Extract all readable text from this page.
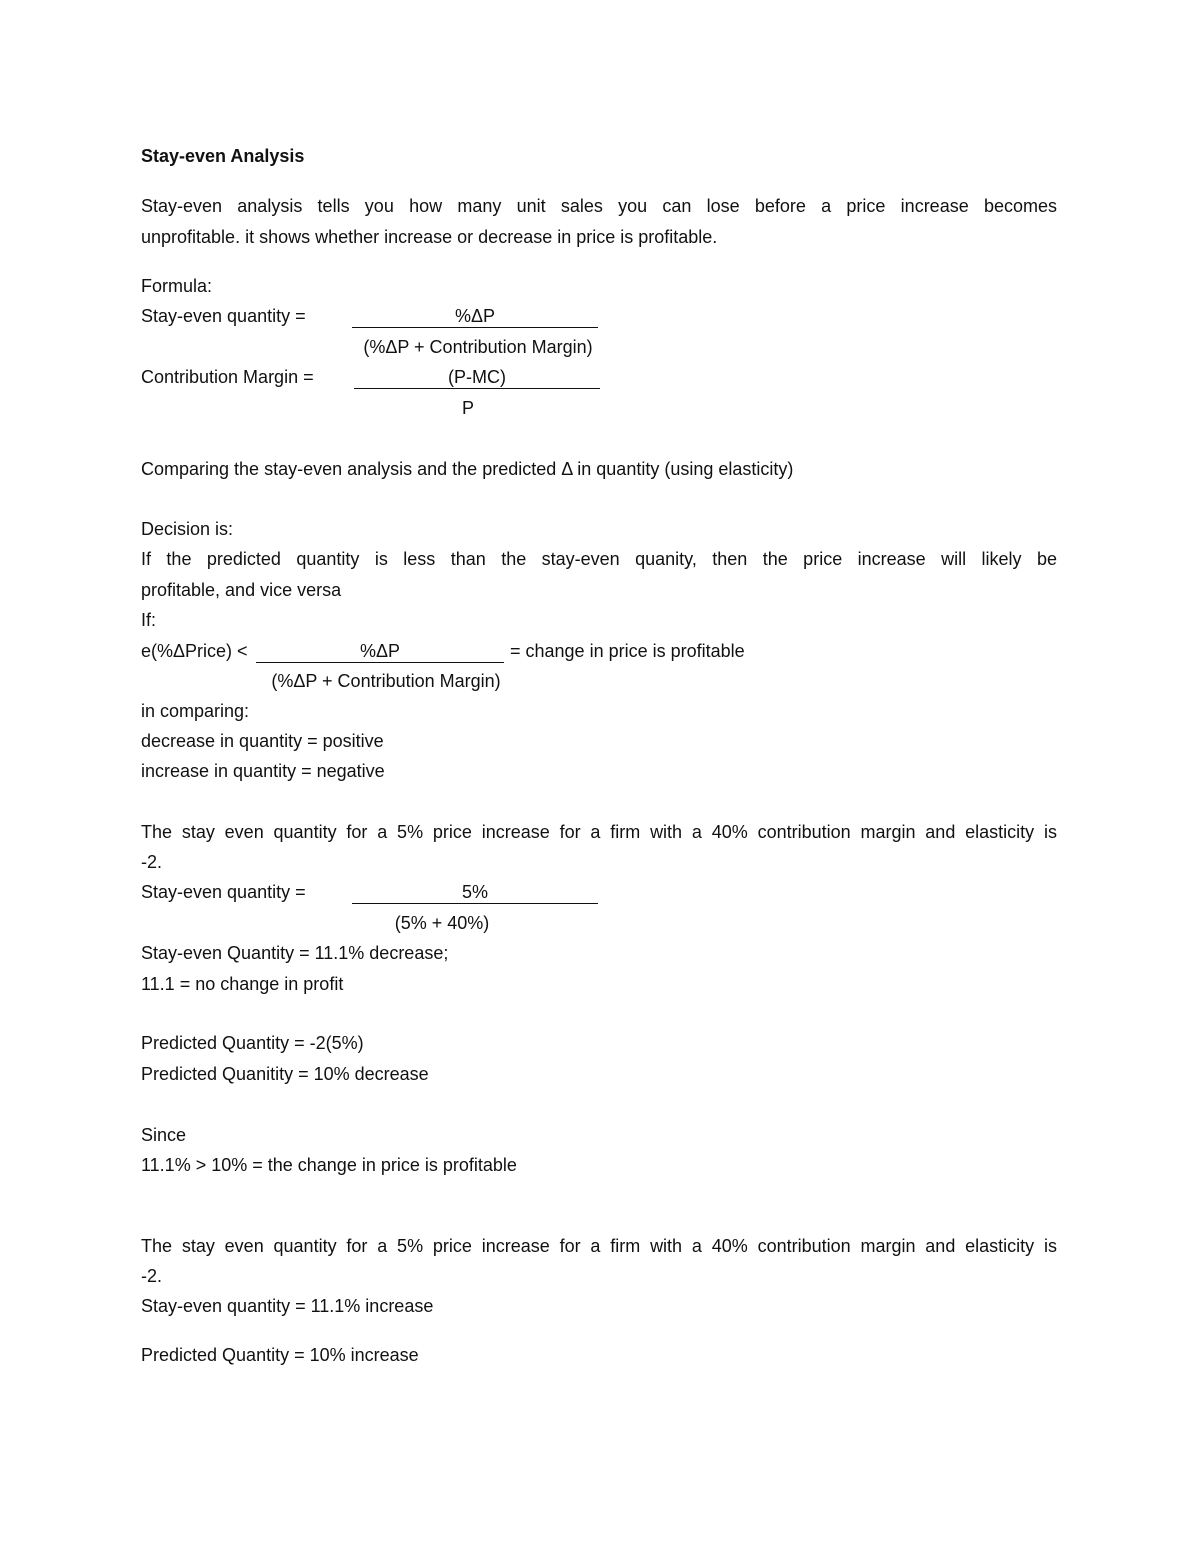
Stay-even Analysis
Stay-even analysis tells you how many unit sales you can lose before a price increase becomes
unprofitable. it shows whether increase or decrease in price is profitable.
Formula:
Stay-even quantity =	%ΔP
(%ΔP + Contribution Margin)
Contribution Margin =	(P-MC)
P
Comparing the stay-even analysis and the predicted Δ in quantity (using elasticity)
Decision is:
If the predicted quantity is less than the stay-even quanity, then the price increase will likely be
profitable, and vice versa
If:
e(%ΔPrice) <	%ΔP	= change in price is profitable
(%ΔP + Contribution Margin)
in comparing:
decrease in quantity = positive
increase in quantity = negative
The stay even quantity for a 5% price increase for a firm with a 40% contribution margin and elasticity is
-2.
Stay-even quantity =	5%
(5% + 40%)
Stay-even Quantity = 11.1% decrease;
11.1 = no change in profit
Predicted Quantity = -2(5%)
Predicted Quanitity = 10% decrease
Since
11.1% > 10% = the change in price is profitable
The stay even quantity for a 5% price increase for a firm with a 40% contribution margin and elasticity is
-2.
Stay-even quantity = 11.1% increase
Predicted Quantity = 10% increase
